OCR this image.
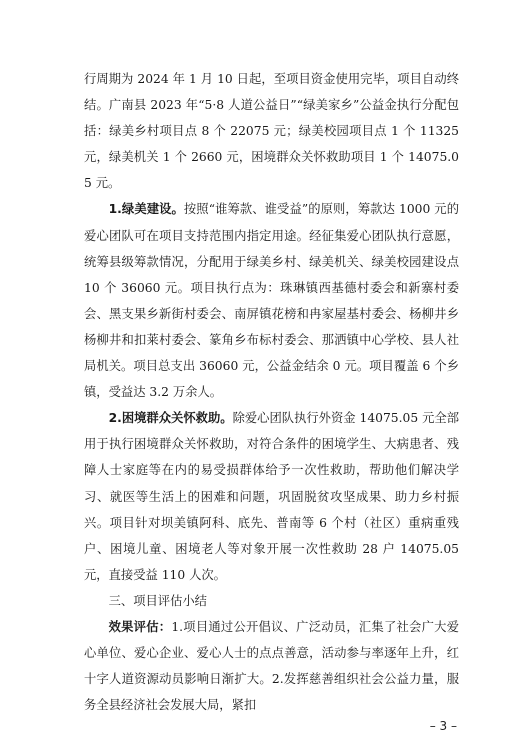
行周期为 2024 年 1 月 10 日起，至项目资金使用完毕，项目自动终结。广南县 2023 年“5·8 人道公益日”“绿美家乡”公益金执行分配包括：绿美乡村项目点 8 个 22075 元；绿美校园项目点 1 个 11325 元，绿美机关 1 个 2660 元，困境群众关怀救助项目 1 个 14075.05 元。

1.绿美建设。按照“谁筹款、谁受益”的原则，筹款达 1000 元的爱心团队可在项目支持范围内指定用途。经征集爱心团队执行意愿，统筹县级筹款情况，分配用于绿美乡村、绿美机关、绿美校园建设点 10 个 36060 元。项目执行点为：珠琳镇西基德村委会和新寨村委会、黑支果乡新街村委会、南屏镇花榜和冉家屋基村委会、杨柳井乡杨柳井和扣莱村委会、篆角乡布标村委会、那洒镇中心学校、县人社局机关。项目总支出 36060 元，公益金结余 0 元。项目覆盖 6 个乡镇，受益达 3.2 万余人。

2.困境群众关怀救助。除爱心团队执行外资金 14075.05 元全部用于执行困境群众关怀救助，对符合条件的困境学生、大病患者、残障人士家庭等在内的易受损群体给予一次性救助，帮助他们解决学习、就医等生活上的困难和问题，巩固脱贫攻坚成果、助力乡村振兴。项目针对坝美镇阿科、底先、普南等 6 个村（社区）重病重残户、困境儿童、困境老人等对象开展一次性救助 28 户 14075.05 元，直接受益 110 人次。

三、项目评估小结

效果评估：1.项目通过公开倡议、广泛动员，汇集了社会广大爱心单位、爱心企业、爱心人士的点点善意，活动参与率逐年上升，红十字人道资源动员影响日渐扩大。2.发挥慈善组织社会公益力量，服务全县经济社会发展大局，紧扣

– 3 –
